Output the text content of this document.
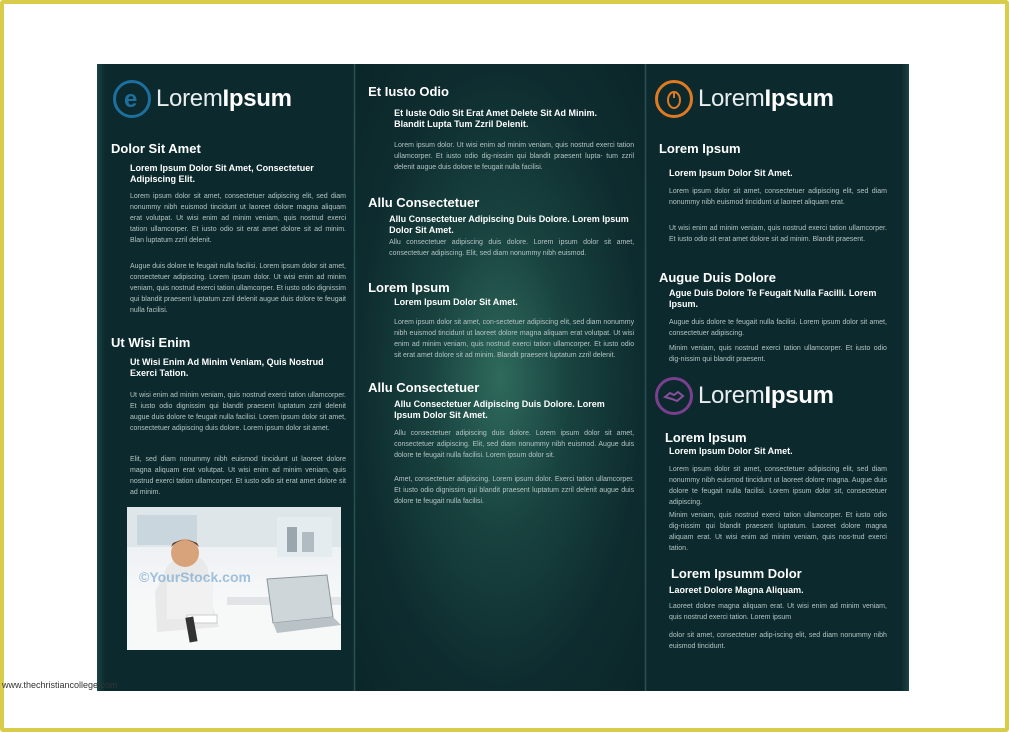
e LoremIpsum
Dolor Sit Amet
Lorem Ipsum Dolor Sit Amet, Consectetuer Adipiscing Elit.
Lorem ipsum dolor sit amet, consectetuer adipiscing elit, sed diam nonummy nibh euismod tincidunt ut laoreet dolore magna aliquam erat volutpat. Ut wisi enim ad minim veniam, quis nostrud exerci tation ullamcorper. Et iusto odio sit erat amet dolore sit ad minim. Blan luptatum zzril delenit.
Augue duis dolore te feugait nulla facilisi. Lorem ipsum dolor sit amet, consectetuer adipiscing. Lorem ipsum dolor. Ut wisi enim ad minim veniam, quis nostrud exerci tation ullamcorper. Et iusto odio dignissim qui blandit praesent luptatum zzril delenit augue duis dolore te feugait nulla facilisi.
Ut Wisi Enim
Ut Wisi Enim Ad Minim Veniam, Quis Nostrud Exerci Tation.
Ut wisi enim ad minim veniam, quis nostrud exerci tation ullamcorper. Et iusto odio dignissim qui blandit praesent luptatum zzril delenit augue duis dolore te feugait nulla facilisi. Lorem ipsum dolor sit amet, consectetuer adipiscing duis dolore. Lorem ipsum dolor sit amet.
Elit, sed diam nonummy nibh euismod tincidunt ut laoreet dolore magna aliquam erat volutpat. Ut wisi enim ad minim veniam, quis nostrud exerci tation ullamcorper. Et iusto odio sit erat amet dolore sit ad minim.
©YourStock.com
Et Iusto Odio
Et Iuste Odio Sit Erat Amet Delete Sit Ad Minim. Blandit Lupta Tum Zzril Delenit.
Lorem ipsum dolor. Ut wisi enim ad minim veniam, quis nostrud exerci tation ullamcorper. Et iusto odio dig-nissim qui blandit praesent lupta- tum zzril delenit augue duis dolore te feugait nulla facilisi.
Allu Consectetuer
Allu Consectetuer Adipiscing Duis Dolore. Lorem Ipsum Dolor Sit Amet.
Allu consectetuer adipiscing duis dolore. Lorem ipsum dolor sit amet, consectetuer adipiscing. Elit, sed diam nonummy nibh euismod.
Lorem Ipsum
Lorem Ipsum Dolor Sit Amet.
Lorem ipsum dolor sit amet, con-sectetuer adipiscing elit, sed diam nonummy nibh euismod tincidunt ut laoreet dolore magna aliquam erat volutpat. Ut wisi enim ad minim veniam, quis nostrud exerci tation ullamcorper. Et iusto odio sit erat amet dolore sit ad minim. Blandit praesent luptatum zzril delenit.
Allu Consectetuer
Allu Consectetuer Adipiscing Duis Dolore. Lorem Ipsum Dolor Sit Amet.
Allu consectetuer adipiscing duis dolore. Lorem ipsum dolor sit amet, consectetuer adipiscing. Elit, sed diam nonummy nibh euismod. Augue duis dolore te feugait nulla facilisi. Lorem ipsum dolor sit.
Amet, consectetuer adipiscing. Lorem ipsum dolor. Exerci tation ullamcorper. Et iusto odio dignissim qui blandit praesent luptatum zzril delenit augue duis dolore te feugait nulla facilisi.
LoremIpsum
Lorem Ipsum
Lorem Ipsum Dolor Sit Amet.
Lorem ipsum dolor sit amet, consectetuer adipiscing elit, sed diam nonummy nibh euismod tincidunt ut laoreet aliquam erat.
Ut wisi enim ad minim veniam, quis nostrud exerci tation ullamcorper. Et iusto odio sit erat amet dolore sit ad minim. Blandit praesent.
Augue Duis Dolore
Ague Duis Dolore Te Feugait Nulla Facilli. Lorem Ipsum.
Augue duis dolore te feugait nulla facilisi. Lorem ipsum dolor sit amet, consectetuer adipiscing.
Minim veniam, quis nostrud exerci tation ullamcorper. Et iusto odio dig-nissim qui blandit praesent.
LoremIpsum
Lorem Ipsum
Lorem Ipsum Dolor Sit Amet.
Lorem ipsum dolor sit amet, consectetuer adipiscing elit, sed diam nonummy nibh euismod tincidunt ut laoreet dolore magna. Augue duis dolore te feugait nulla facilisi. Lorem ipsum dolor sit, consectetuer adipiscing.
Minim veniam, quis nostrud exerci tation ullamcorper. Et iusto odio dig-nissim qui blandit praesent luptatum. Laoreet dolore magna aliquam erat. Ut wisi enim ad minim veniam, quis nos-trud exerci tation.
Lorem Ipsumm Dolor
Laoreet Dolore Magna Aliquam.
Laoreet dolore magna aliquam erat. Ut wisi enim ad minim veniam, quis nostrud exerci tation. Lorem ipsum
dolor sit amet, consectetuer adip-iscing elit, sed diam nonummy nibh euismod tincidunt.
www.thechristiancollege.com
